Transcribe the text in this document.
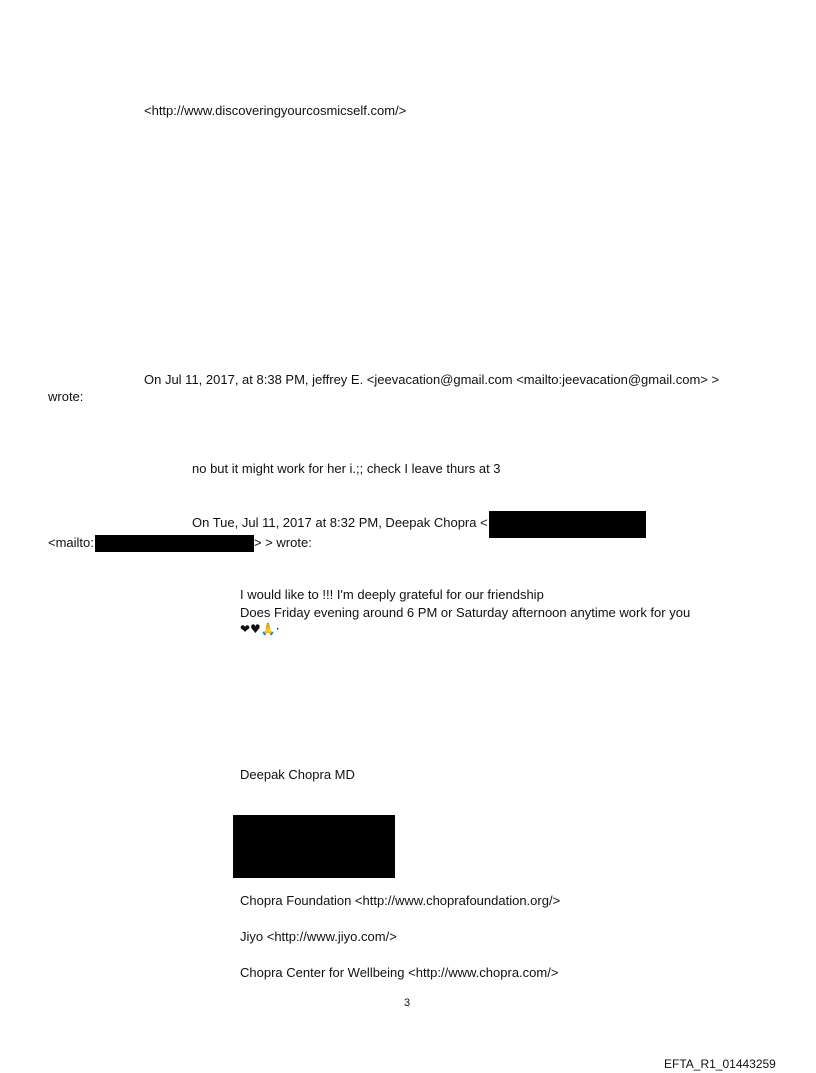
<http://www.discoveringyourcosmicself.com/>
On Jul 11, 2017, at 8:38 PM, jeffrey E. <jeevacation@gmail.com <mailto:jeevacation@gmail.com> >
wrote:
no but it might work for her i.;; check I leave thurs at 3
On Tue, Jul 11, 2017 at 8:32 PM, Deepak Chopra <
<mailto:	> > wrote:
I would like to !!! I'm deeply grateful for our friendship
Does Friday evening around 6 PM or Saturday afternoon anytime work for you
❤♥🙏·
Deepak Chopra MD
Chopra Foundation <http://www.choprafoundation.org/>
Jiyo <http://www.jiyo.com/>
Chopra Center for Wellbeing <http://www.chopra.com/>
3
EFTA_R1_01443259
